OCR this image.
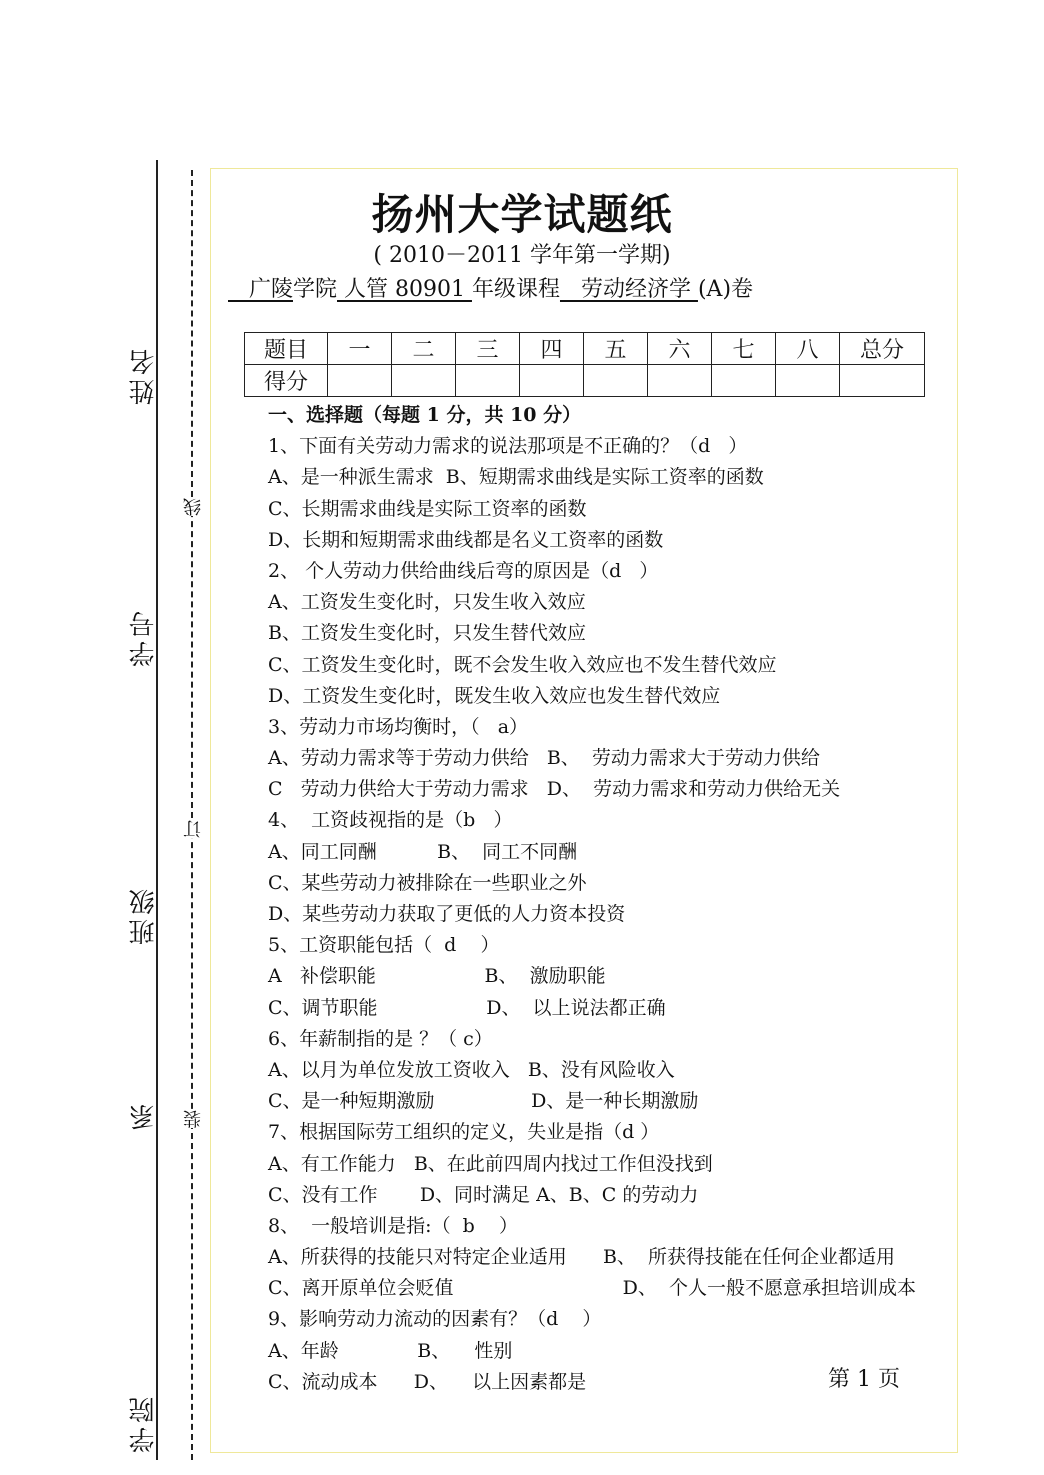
姓名
学号
班级
系
学院
线
订
装
扬州大学试题纸
( 2010－2011 学年第一学期)
广陵学院 人管 80901 年级课程   劳动经济学 (A)卷
题目	一	二	三	四	五	六	七	八	总分
得分									
一、选择题（每题 1 分，共 10 分）
1、下面有关劳动力需求的说法那项是不正确的？（d   ）
A、是一种派生需求  B、短期需求曲线是实际工资率的函数
C、长期需求曲线是实际工资率的函数
D、长期和短期需求曲线都是名义工资率的函数
2、 个人劳动力供给曲线后弯的原因是（d   ）
A、工资发生变化时，只发生收入效应
B、工资发生变化时，只发生替代效应
C、工资发生变化时，既不会发生收入效应也不发生替代效应
D、工资发生变化时，既发生收入效应也发生替代效应
3、劳动力市场均衡时，（   a）
A、劳动力需求等于劳动力供给   B、  劳动力需求大于劳动力供给
C   劳动力供给大于劳动力需求   D、  劳动力需求和劳动力供给无关
4、  工资歧视指的是（b   ）
A、同工同酬          B、  同工不同酬
C、某些劳动力被排除在一些职业之外
D、某些劳动力获取了更低的人力资本投资
5、工资职能包括（  d    ）
A   补偿职能                  B、  激励职能
C、调节职能                  D、  以上说法都正确
6、年薪制指的是 ？（ c）
A、以月为单位发放工资收入   B、没有风险收入
C、是一种短期激励                D、是一种长期激励
7、根据国际劳工组织的定义，失业是指（d ）
A、有工作能力   B、在此前四周内找过工作但没找到
C、没有工作       D、同时满足 A、B、C 的劳动力
8、  一般培训是指:（  b    ）
A、所获得的技能只对特定企业适用      B、  所获得技能在任何企业都适用
C、离开原单位会贬值                            D、  个人一般不愿意承担培训成本
9、影响劳动力流动的因素有？（d    ）
A、年龄             B、    性别
C、流动成本      D、    以上因素都是	第 1 页
